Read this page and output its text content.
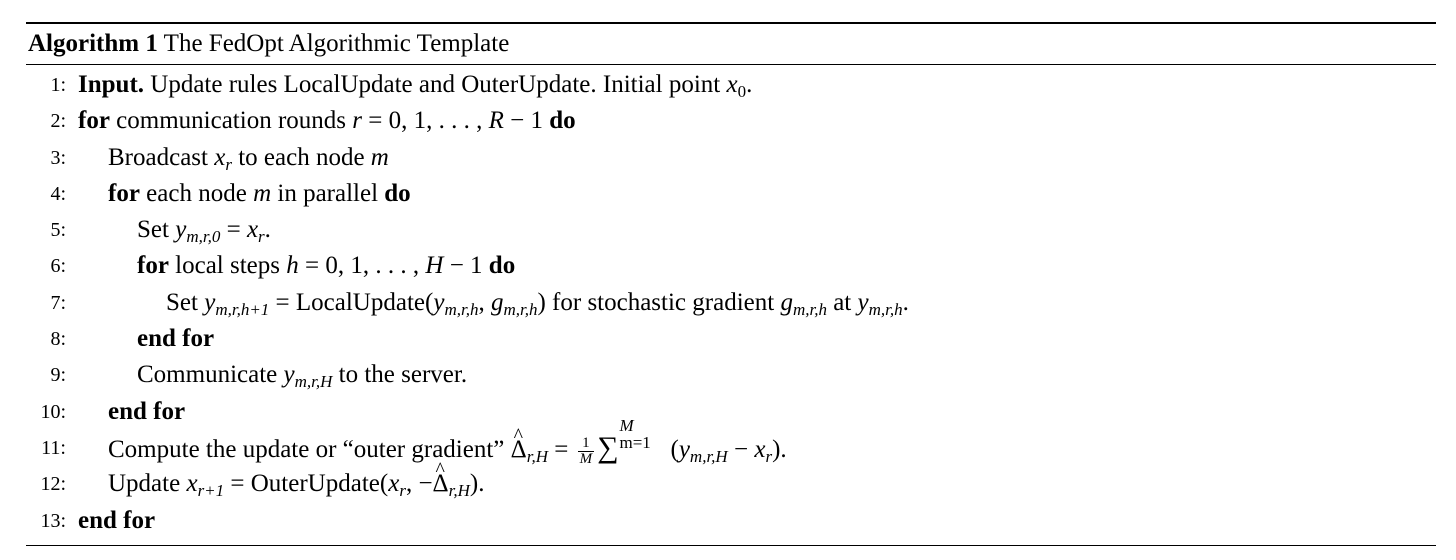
Algorithm 1 The FedOpt Algorithmic Template
1: Input. Update rules LocalUpdate and OuterUpdate. Initial point $x_0$.
2: for communication rounds r = 0, 1, . . . , R − 1 do
3: Broadcast $x_r$ to each node m
4: for each node m in parallel do
5:	Set $y_{m,r,0} = x_r$.
6:	for local steps h = 0, 1, . . . , H − 1 do
7:	Set $y_{m,r,h+1}$ = $LocalUpdate(y_{m,r,h}$, $g_{m,r,h}$) for stochastic gradient $g_{m,r,h}$ at $y_{m,r,h}$.
8:	end for
9:	Communicate $y_{m,r,H}$ to the server.
10: end for
11: Compute the update or “outer gradient” ^ $\Delta_{r,H} = \frac{1}{M}$ ∑
M
m=1 $(y_{m,r,H} - x_r)$.
12: Update $x_{r+1}$ = $OuterUpdate(x_r$, −^ $\Delta_{r,H}$).
13: end for
